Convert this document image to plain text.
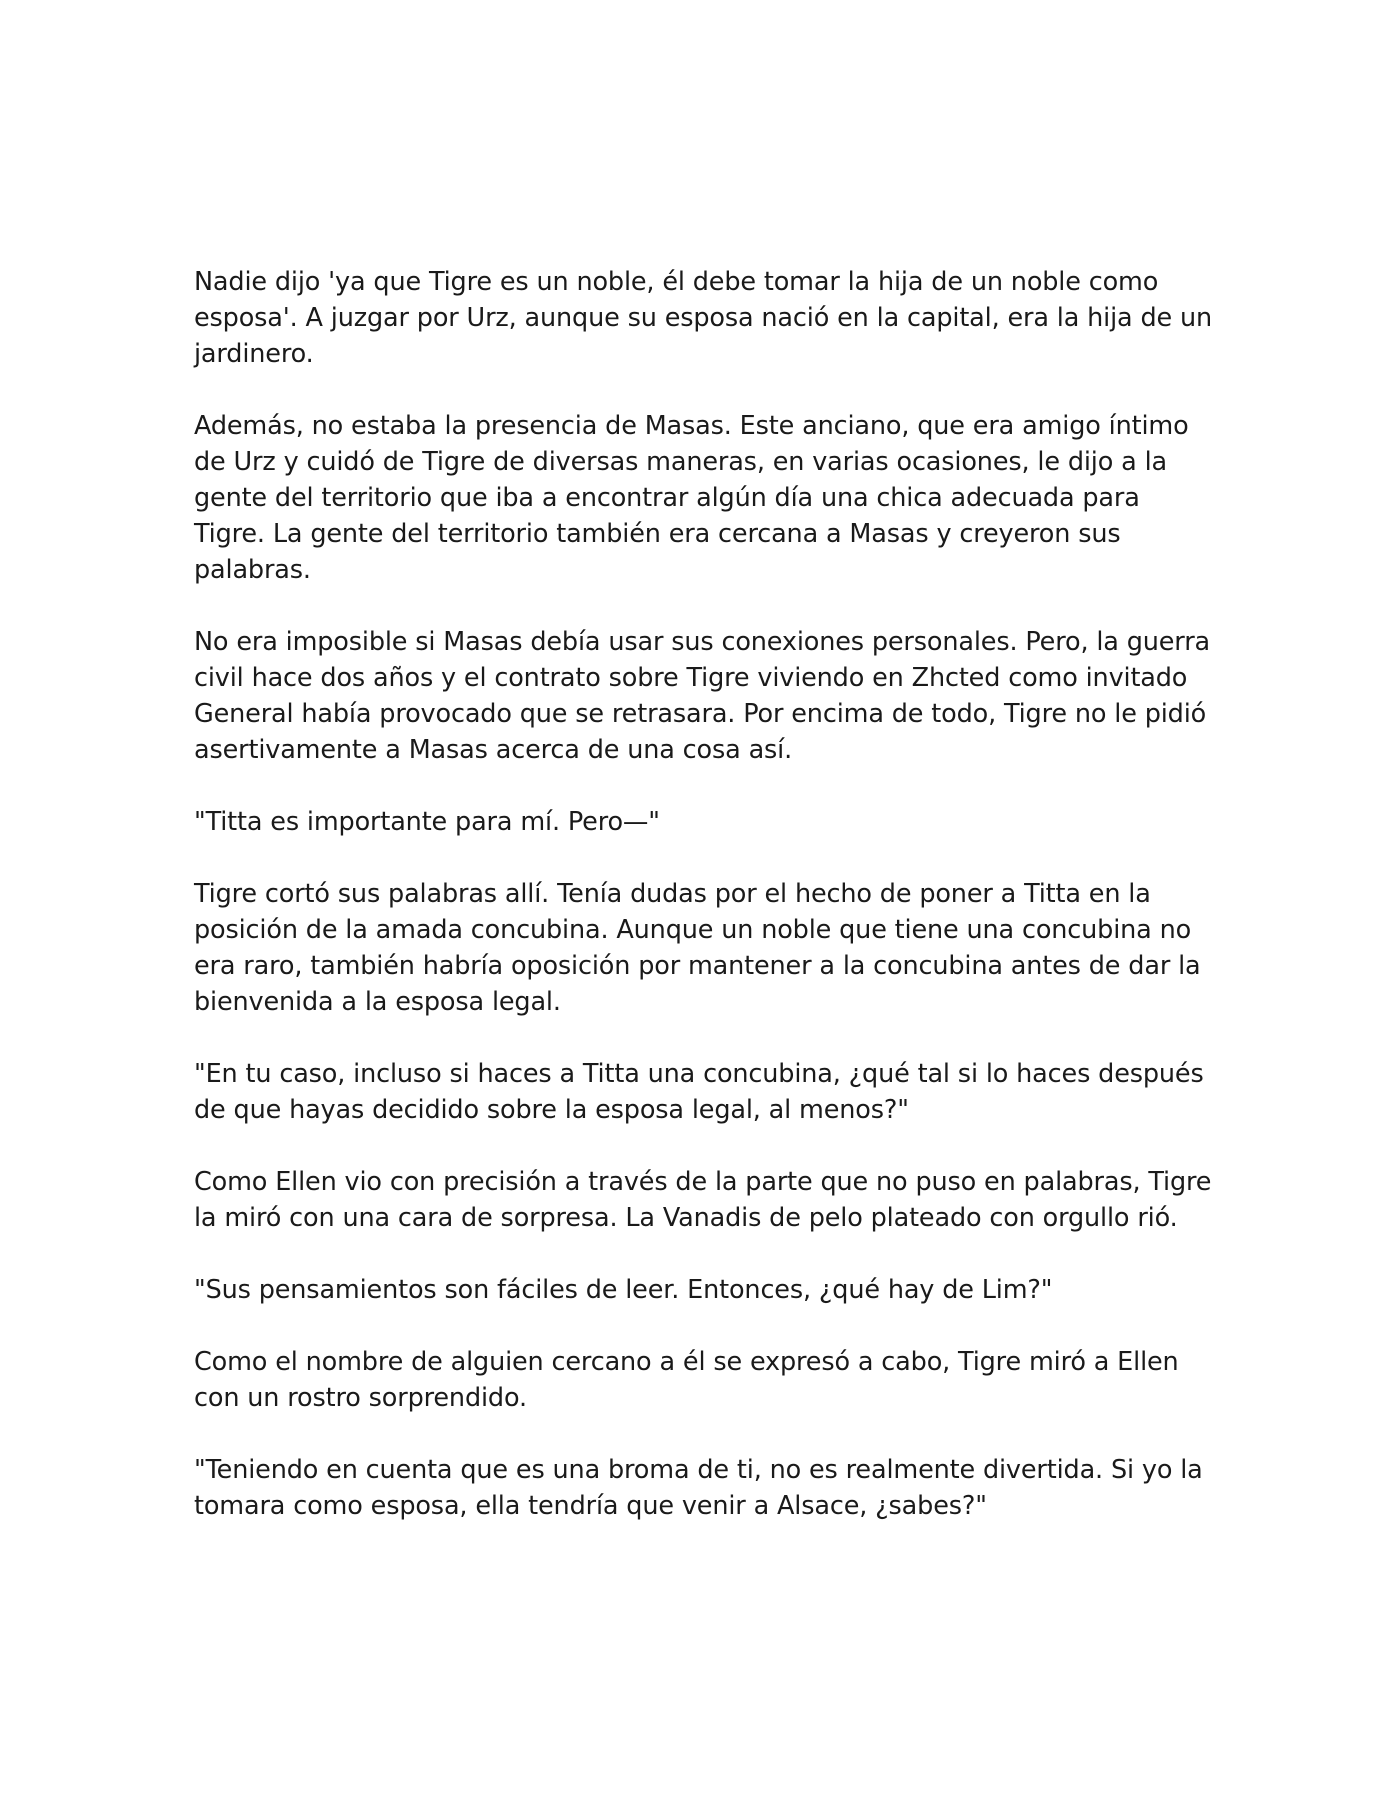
Nadie dijo 'ya que Tigre es un noble, él debe tomar la hija de un noble como esposa'. A juzgar por Urz, aunque su esposa nació en la capital, era la hija de un jardinero.

Además, no estaba la presencia de Masas. Este anciano, que era amigo íntimo de Urz y cuidó de Tigre de diversas maneras, en varias ocasiones, le dijo a la gente del territorio que iba a encontrar algún día una chica adecuada para Tigre. La gente del territorio también era cercana a Masas y creyeron sus palabras.

No era imposible si Masas debía usar sus conexiones personales. Pero, la guerra civil hace dos años y el contrato sobre Tigre viviendo en Zhcted como invitado General había provocado que se retrasara. Por encima de todo, Tigre no le pidió asertivamente a Masas acerca de una cosa así.

"Titta es importante para mí. Pero—"

Tigre cortó sus palabras allí. Tenía dudas por el hecho de poner a Titta en la posición de la amada concubina. Aunque un noble que tiene una concubina no era raro, también habría oposición por mantener a la concubina antes de dar la bienvenida a la esposa legal.

"En tu caso, incluso si haces a Titta una concubina, ¿qué tal si lo haces después de que hayas decidido sobre la esposa legal, al menos?"

Como Ellen vio con precisión a través de la parte que no puso en palabras, Tigre la miró con una cara de sorpresa. La Vanadis de pelo plateado con orgullo rió.

"Sus pensamientos son fáciles de leer. Entonces, ¿qué hay de Lim?"

Como el nombre de alguien cercano a él se expresó a cabo, Tigre miró a Ellen con un rostro sorprendido.

"Teniendo en cuenta que es una broma de ti, no es realmente divertida. Si yo la tomara como esposa, ella tendría que venir a Alsace, ¿sabes?"
